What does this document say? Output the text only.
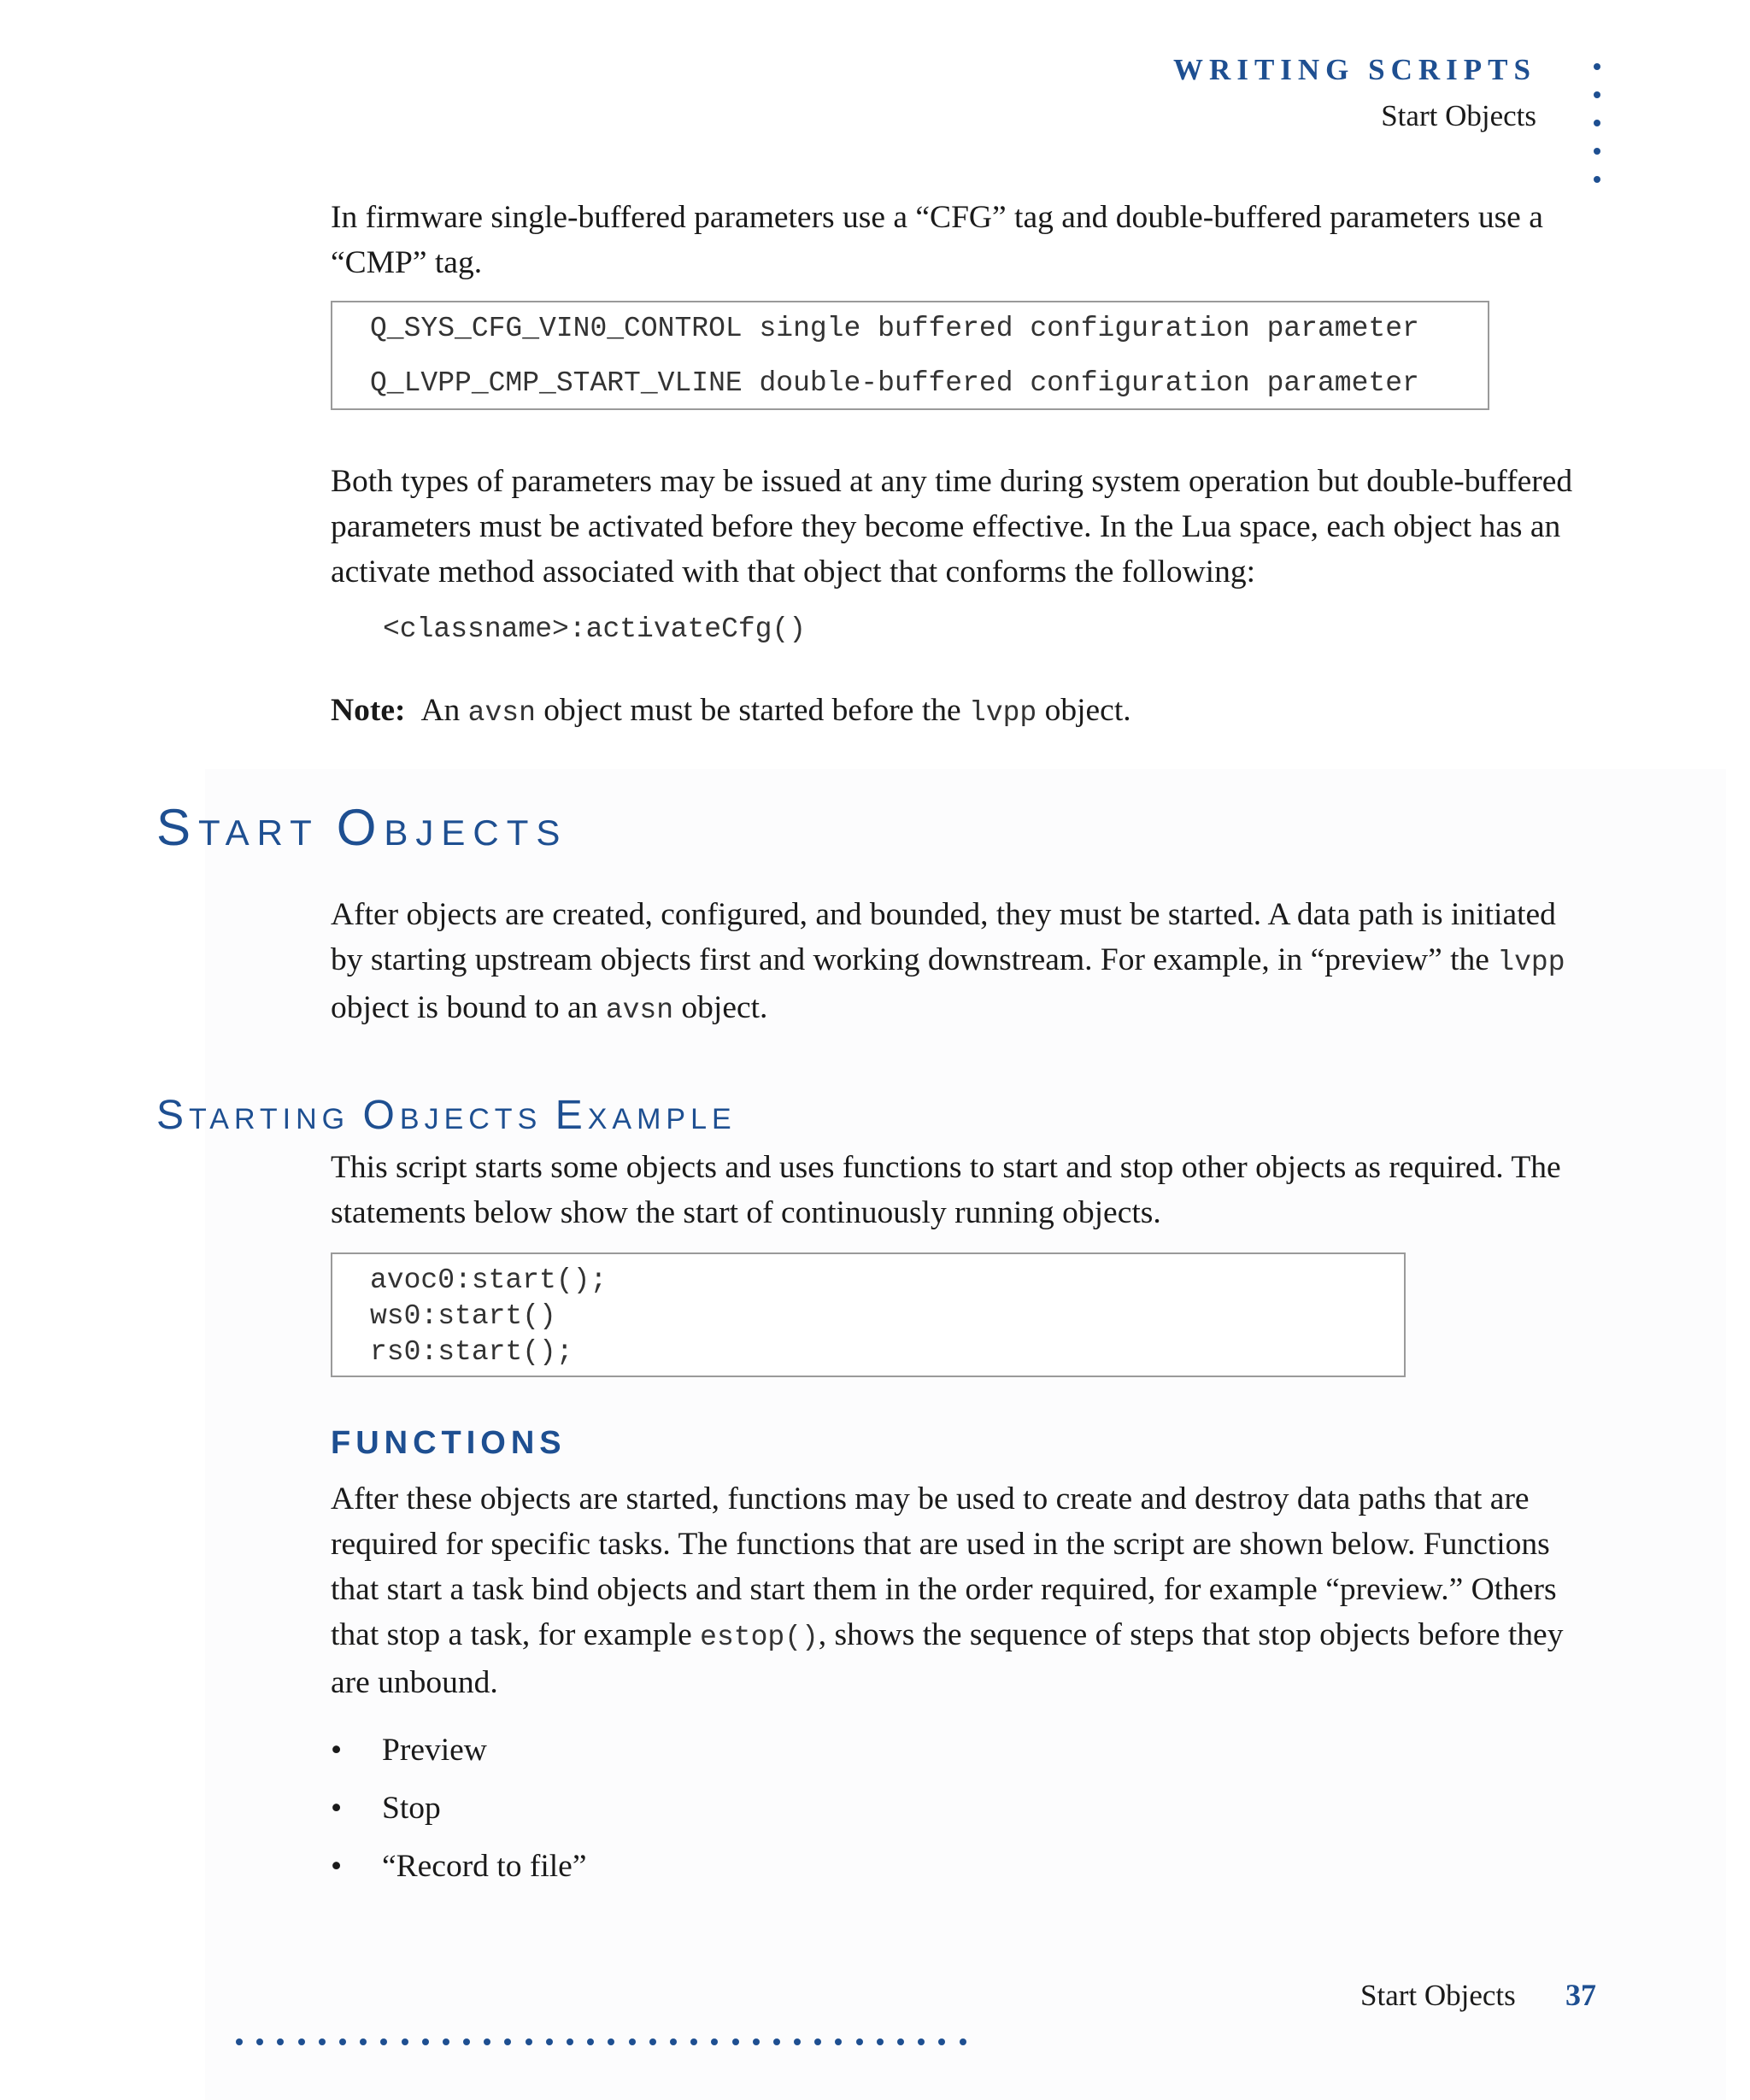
WRITING SCRIPTS
Start Objects

In firmware single-buffered parameters use a “CFG” tag and double-buffered parameters use a “CMP” tag.

Q_SYS_CFG_VIN0_CONTROL single buffered configuration parameter
Q_LVPP_CMP_START_VLINE double-buffered configuration parameter

Both types of parameters may be issued at any time during system operation but double-buffered parameters must be activated before they become effective. In the Lua space, each object has an activate method associated with that object that conforms the following:

<classname>:activateCfg()
Note: An avsn object must be started before the lvpp object.
START OBJECTS
After objects are created, configured, and bounded, they must be started. A data path is initiated by starting upstream objects first and working downstream. For example, in “preview” the lvpp object is bound to an avsn object.
STARTING OBJECTS EXAMPLE

This script starts some objects and uses functions to start and stop other objects as required. The statements below show the start of continuously running objects.

avoc0:start();
ws0:start()
rs0:start();
FUNCTIONS
After these objects are started, functions may be used to create and destroy data paths that are required for specific tasks. The functions that are used in the script are shown below. Functions that start a task bind objects and start them in the order required, for example “preview.” Others that stop a task, for example estop(), shows the sequence of steps that stop objects before they are unbound.
•	Preview
•	Stop
•	“Record to file”
Start Objects 37
